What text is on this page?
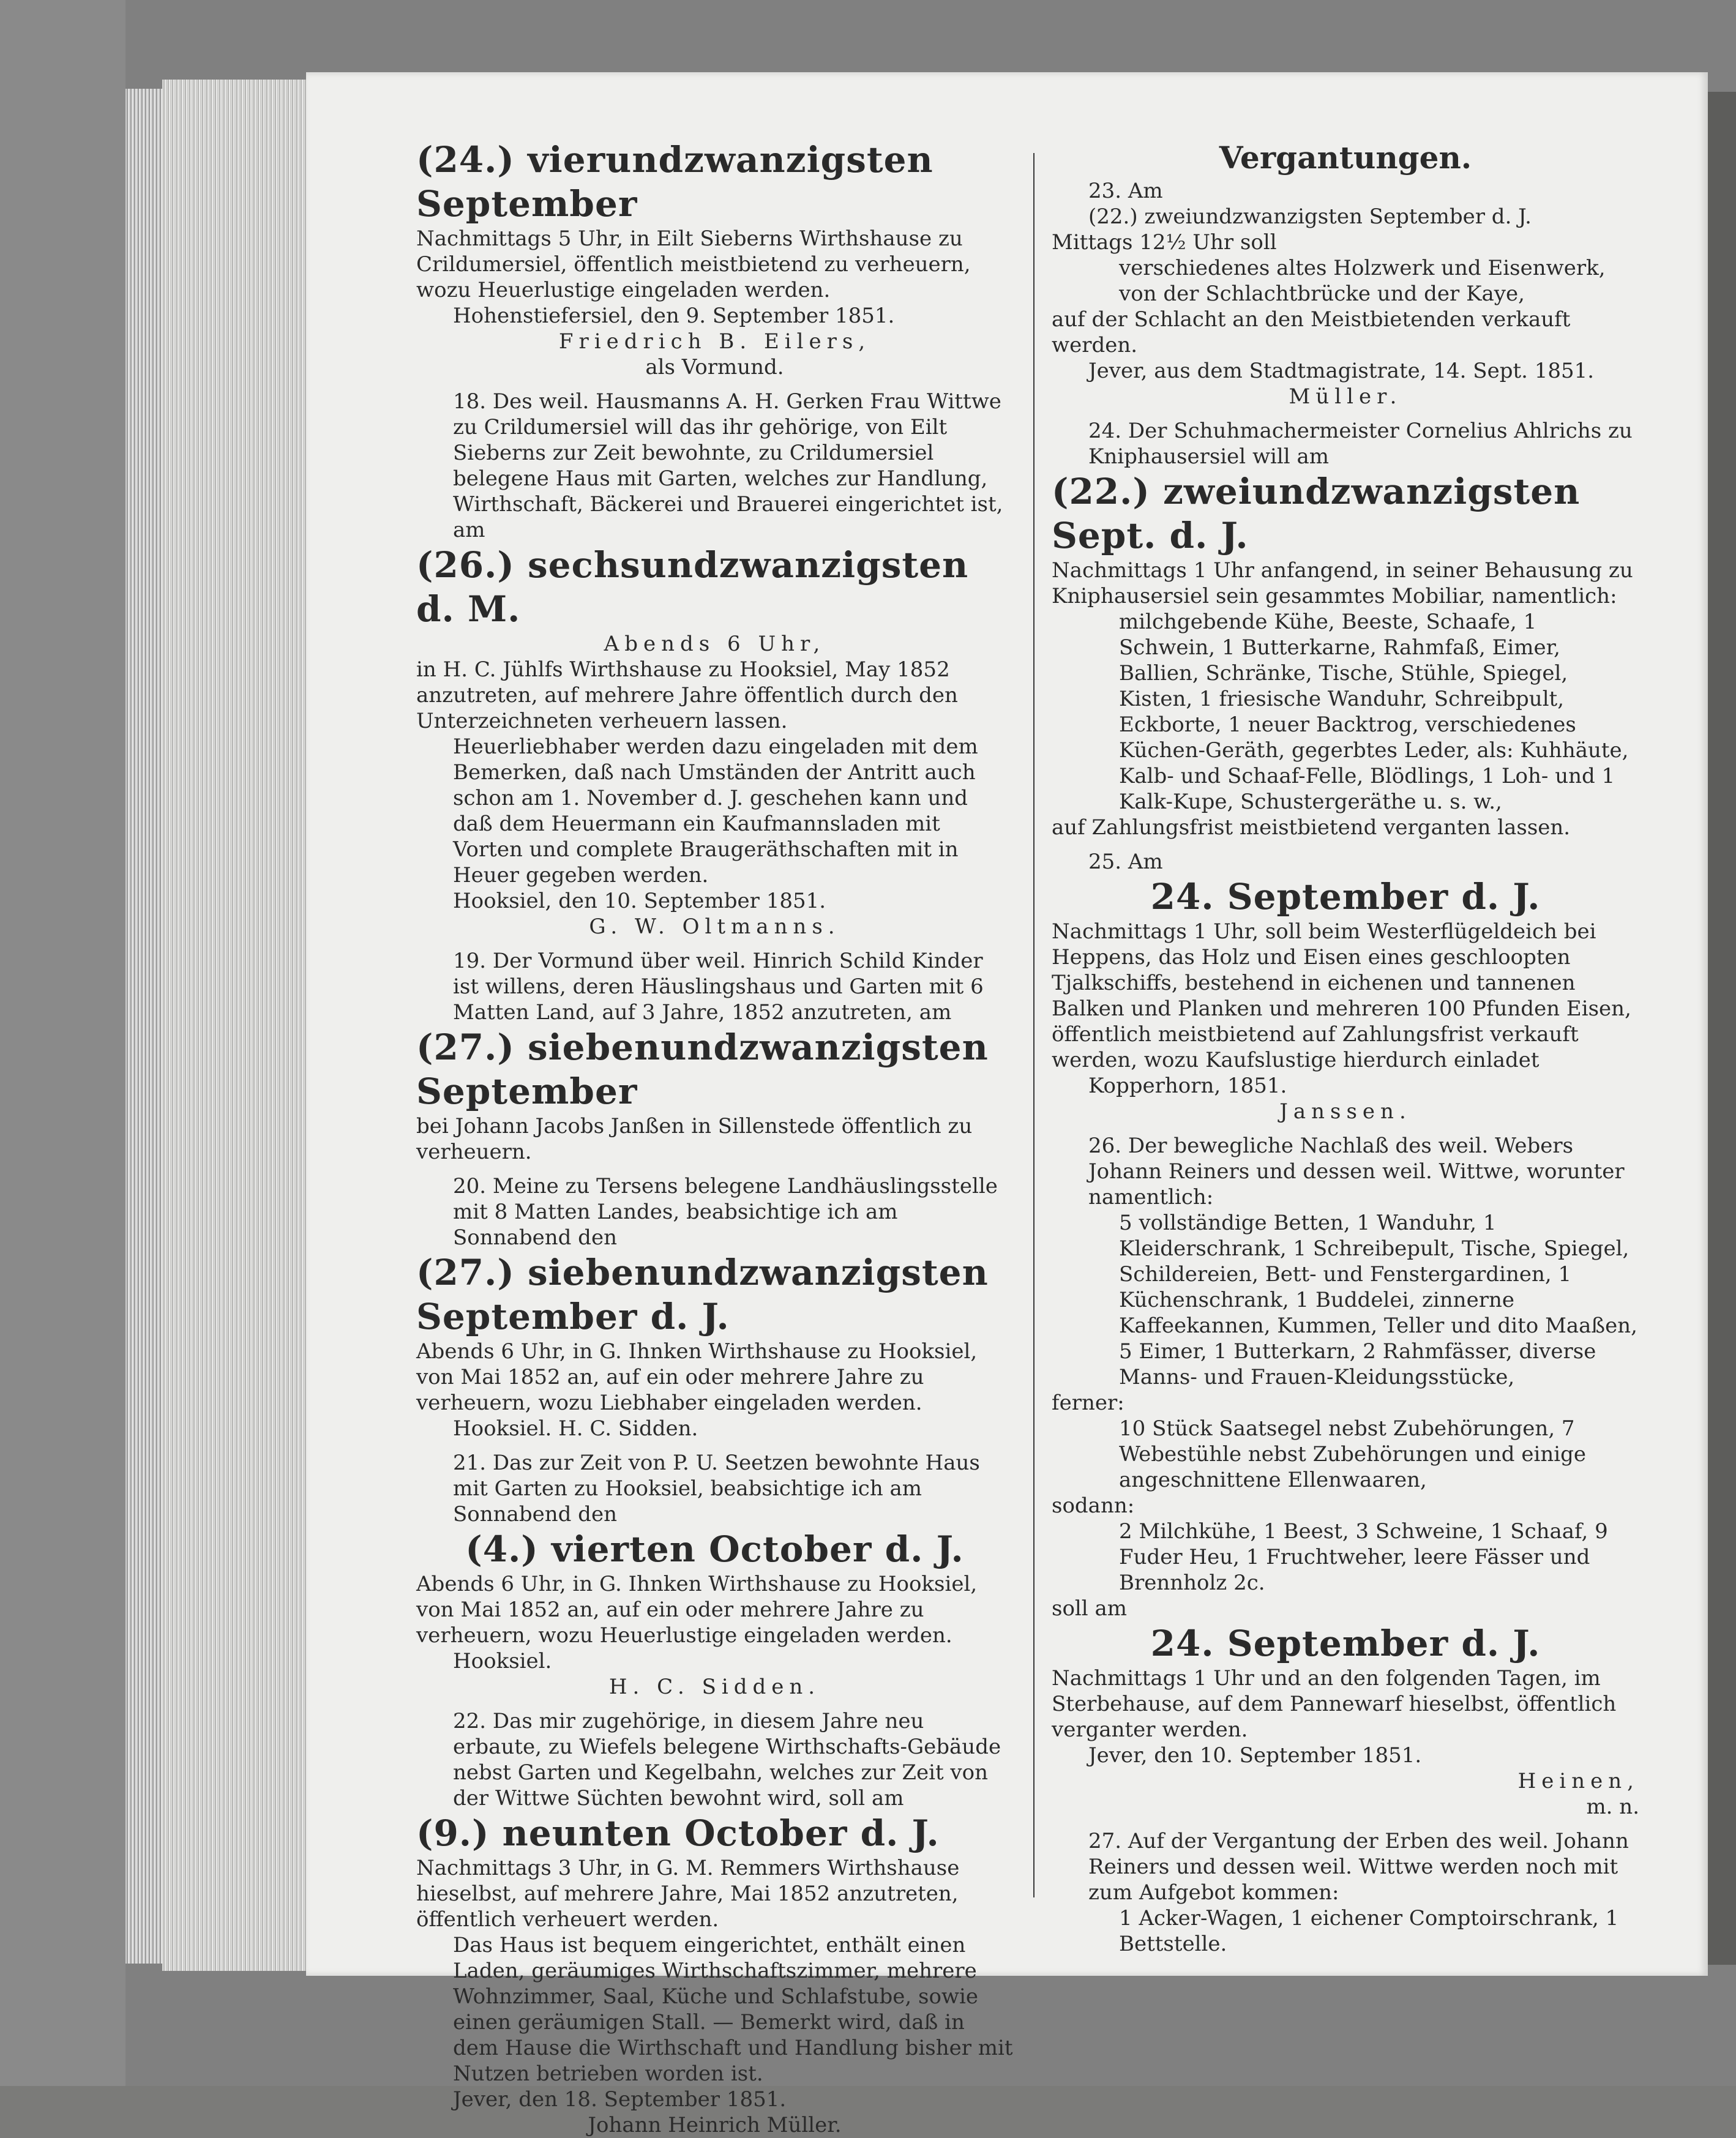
(24.) vierundzwanzigsten September

Nachmittags 5 Uhr, in Eilt Sieberns Wirthshause zu Crildumersiel, öffentlich meistbietend zu verheuern, wozu Heuerlustige eingeladen werden.

Hohenstiefersiel, den 9. September 1851.

Friedrich B. Eilers,

als Vormund.

18. Des weil. Hausmanns A. H. Gerken Frau Wittwe zu Crildumersiel will das ihr gehörige, von Eilt Sieberns zur Zeit bewohnte, zu Crildumersiel belegene Haus mit Garten, welches zur Handlung, Wirthschaft, Bäckerei und Brauerei eingerichtet ist, am

(26.) sechsundzwanzigsten d. M.

Abends 6 Uhr,

in H. C. Jühlfs Wirthshause zu Hooksiel, May 1852 anzutreten, auf mehrere Jahre öffentlich durch den Unterzeichneten verheuern lassen.

Heuerliebhaber werden dazu eingeladen mit dem Bemerken, daß nach Umständen der Antritt auch schon am 1. November d. J. geschehen kann und daß dem Heuermann ein Kaufmannsladen mit Vorten und complete Braugeräthschaften mit in Heuer gegeben werden.

Hooksiel, den 10. September 1851.

G. W. Oltmanns.

19. Der Vormund über weil. Hinrich Schild Kinder ist willens, deren Häuslingshaus und Garten mit 6 Matten Land, auf 3 Jahre, 1852 anzutreten, am

(27.) siebenundzwanzigsten September

bei Johann Jacobs Janßen in Sillenstede öffentlich zu verheuern.

20. Meine zu Tersens belegene Landhäuslingsstelle mit 8 Matten Landes, beabsichtige ich am Sonnabend den

(27.) siebenundzwanzigsten September d. J.

Abends 6 Uhr, in G. Ihnken Wirthshause zu Hooksiel, von Mai 1852 an, auf ein oder mehrere Jahre zu verheuern, wozu Liebhaber eingeladen werden.

Hooksiel. H. C. Sidden.

21. Das zur Zeit von P. U. Seetzen bewohnte Haus mit Garten zu Hooksiel, beabsichtige ich am Sonnabend den

(4.) vierten October d. J.

Abends 6 Uhr, in G. Ihnken Wirthshause zu Hooksiel, von Mai 1852 an, auf ein oder mehrere Jahre zu verheuern, wozu Heuerlustige eingeladen werden.

Hooksiel.

H. C. Sidden.

22. Das mir zugehörige, in diesem Jahre neu erbaute, zu Wiefels belegene Wirthschafts-Gebäude nebst Garten und Kegelbahn, welches zur Zeit von der Wittwe Süchten bewohnt wird, soll am

(9.) neunten October d. J.

Nachmittags 3 Uhr, in G. M. Remmers Wirthshause hieselbst, auf mehrere Jahre, Mai 1852 anzutreten, öffentlich verheuert werden.

Das Haus ist bequem eingerichtet, enthält einen Laden, geräumiges Wirthschaftszimmer, mehrere Wohnzimmer, Saal, Küche und Schlafstube, sowie einen geräumigen Stall. — Bemerkt wird, daß in dem Hause die Wirthschaft und Handlung bisher mit Nutzen betrieben worden ist.

Jever, den 18. September 1851.

Johann Heinrich Müller.

Vergantungen.

23. Am

(22.) zweiundzwanzigsten September d. J.

Mittags 12½ Uhr soll

verschiedenes altes Holzwerk und Eisenwerk, von der Schlachtbrücke und der Kaye,

auf der Schlacht an den Meistbietenden verkauft werden.

Jever, aus dem Stadtmagistrate, 14. Sept. 1851.

Müller.

24. Der Schuhmachermeister Cornelius Ahlrichs zu Kniphausersiel will am

(22.) zweiundzwanzigsten Sept. d. J.

Nachmittags 1 Uhr anfangend, in seiner Behausung zu Kniphausersiel sein gesammtes Mobiliar, namentlich:

milchgebende Kühe, Beeste, Schaafe, 1 Schwein, 1 Butterkarne, Rahmfaß, Eimer, Ballien, Schränke, Tische, Stühle, Spiegel, Kisten, 1 friesische Wanduhr, Schreibpult, Eckborte, 1 neuer Backtrog, verschiedenes Küchen-Geräth, gegerbtes Leder, als: Kuhhäute, Kalb- und Schaaf-Felle, Blödlings, 1 Loh- und 1 Kalk-Kupe, Schustergeräthe u. s. w.,

auf Zahlungsfrist meistbietend verganten lassen.

25. Am

24. September d. J.

Nachmittags 1 Uhr, soll beim Westerflügeldeich bei Heppens, das Holz und Eisen eines geschloopten Tjalkschiffs, bestehend in eichenen und tannenen Balken und Planken und mehreren 100 Pfunden Eisen, öffentlich meistbietend auf Zahlungsfrist verkauft werden, wozu Kaufslustige hierdurch einladet

Kopperhorn, 1851.

Janssen.

26. Der bewegliche Nachlaß des weil. Webers Johann Reiners und dessen weil. Wittwe, worunter namentlich:

5 vollständige Betten, 1 Wanduhr, 1 Kleiderschrank, 1 Schreibepult, Tische, Spiegel, Schildereien, Bett- und Fenstergardinen, 1 Küchenschrank, 1 Buddelei, zinnerne Kaffeekannen, Kummen, Teller und dito Maaßen, 5 Eimer, 1 Butterkarn, 2 Rahmfässer, diverse Manns- und Frauen-Kleidungsstücke,

ferner:

10 Stück Saatsegel nebst Zubehörungen, 7 Webestühle nebst Zubehörungen und einige angeschnittene Ellenwaaren,

sodann:

2 Milchkühe, 1 Beest, 3 Schweine, 1 Schaaf, 9 Fuder Heu, 1 Fruchtweher, leere Fässer und Brennholz 2c.

soll am

24. September d. J.

Nachmittags 1 Uhr und an den folgenden Tagen, im Sterbehause, auf dem Pannewarf hieselbst, öffentlich verganter werden.

Jever, den 10. September 1851.

Heinen,

m. n.

27. Auf der Vergantung der Erben des weil. Johann Reiners und dessen weil. Wittwe werden noch mit zum Aufgebot kommen:

1 Acker-Wagen, 1 eichener Comptoirschrank, 1 Bettstelle.
